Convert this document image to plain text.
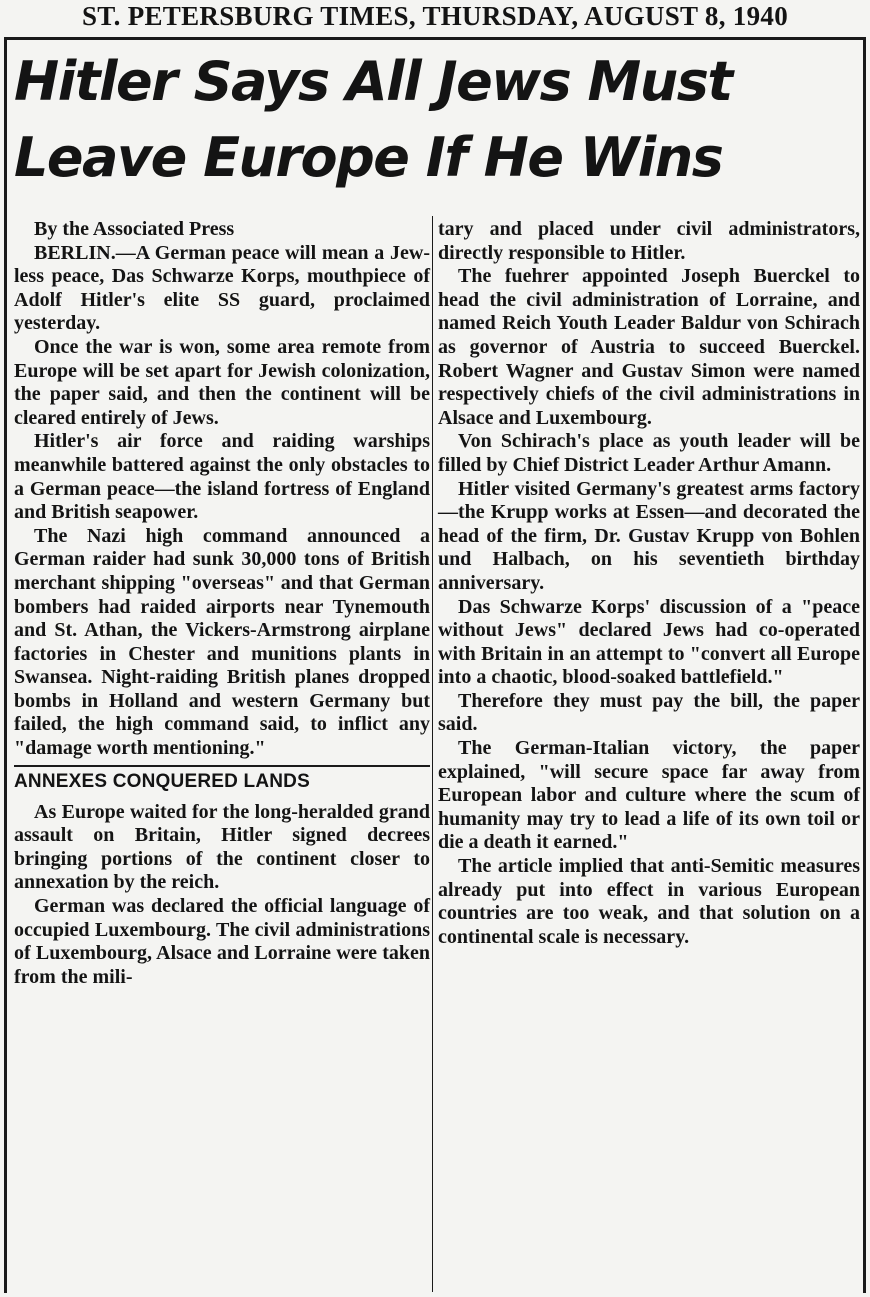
ST. PETERSBURG TIMES, THURSDAY, AUGUST 8, 1940
Hitler Says All Jews Must
Leave Europe If He Wins

By the Associated Press

BERLIN.—A German peace will mean a Jew-less peace, Das Schwarze Korps, mouthpiece of Adolf Hitler's elite SS guard, proclaimed yesterday.

Once the war is won, some area remote from Europe will be set apart for Jewish colonization, the paper said, and then the continent will be cleared entirely of Jews.

Hitler's air force and raiding warships meanwhile battered against the only obstacles to a German peace—the island fortress of England and British seapower.

The Nazi high command announced a German raider had sunk 30,000 tons of British merchant shipping "overseas" and that German bombers had raided airports near Tynemouth and St. Athan, the Vickers-Armstrong airplane factories in Chester and munitions plants in Swansea. Night-raiding British planes dropped bombs in Holland and western Germany but failed, the high command said, to inflict any "damage worth mentioning."

ANNEXES CONQUERED LANDS

As Europe waited for the long-heralded grand assault on Britain, Hitler signed decrees bringing portions of the continent closer to annexation by the reich.

German was declared the official language of occupied Luxembourg. The civil administrations of Luxembourg, Alsace and Lorraine were taken from the mili-

tary and placed under civil administrators, directly responsible to Hitler.

The fuehrer appointed Joseph Buerckel to head the civil administration of Lorraine, and named Reich Youth Leader Baldur von Schirach as governor of Austria to succeed Buerckel. Robert Wagner and Gustav Simon were named respectively chiefs of the civil administrations in Alsace and Luxembourg.

Von Schirach's place as youth leader will be filled by Chief District Leader Arthur Amann.

Hitler visited Germany's greatest arms factory—the Krupp works at Essen—and decorated the head of the firm, Dr. Gustav Krupp von Bohlen und Halbach, on his seventieth birthday anniversary.

Das Schwarze Korps' discussion of a "peace without Jews" declared Jews had co-operated with Britain in an attempt to "convert all Europe into a chaotic, blood-soaked battlefield."

Therefore they must pay the bill, the paper said.

The German-Italian victory, the paper explained, "will secure space far away from European labor and culture where the scum of humanity may try to lead a life of its own toil or die a death it earned."

The article implied that anti-Semitic measures already put into effect in various European countries are too weak, and that solution on a continental scale is necessary.
